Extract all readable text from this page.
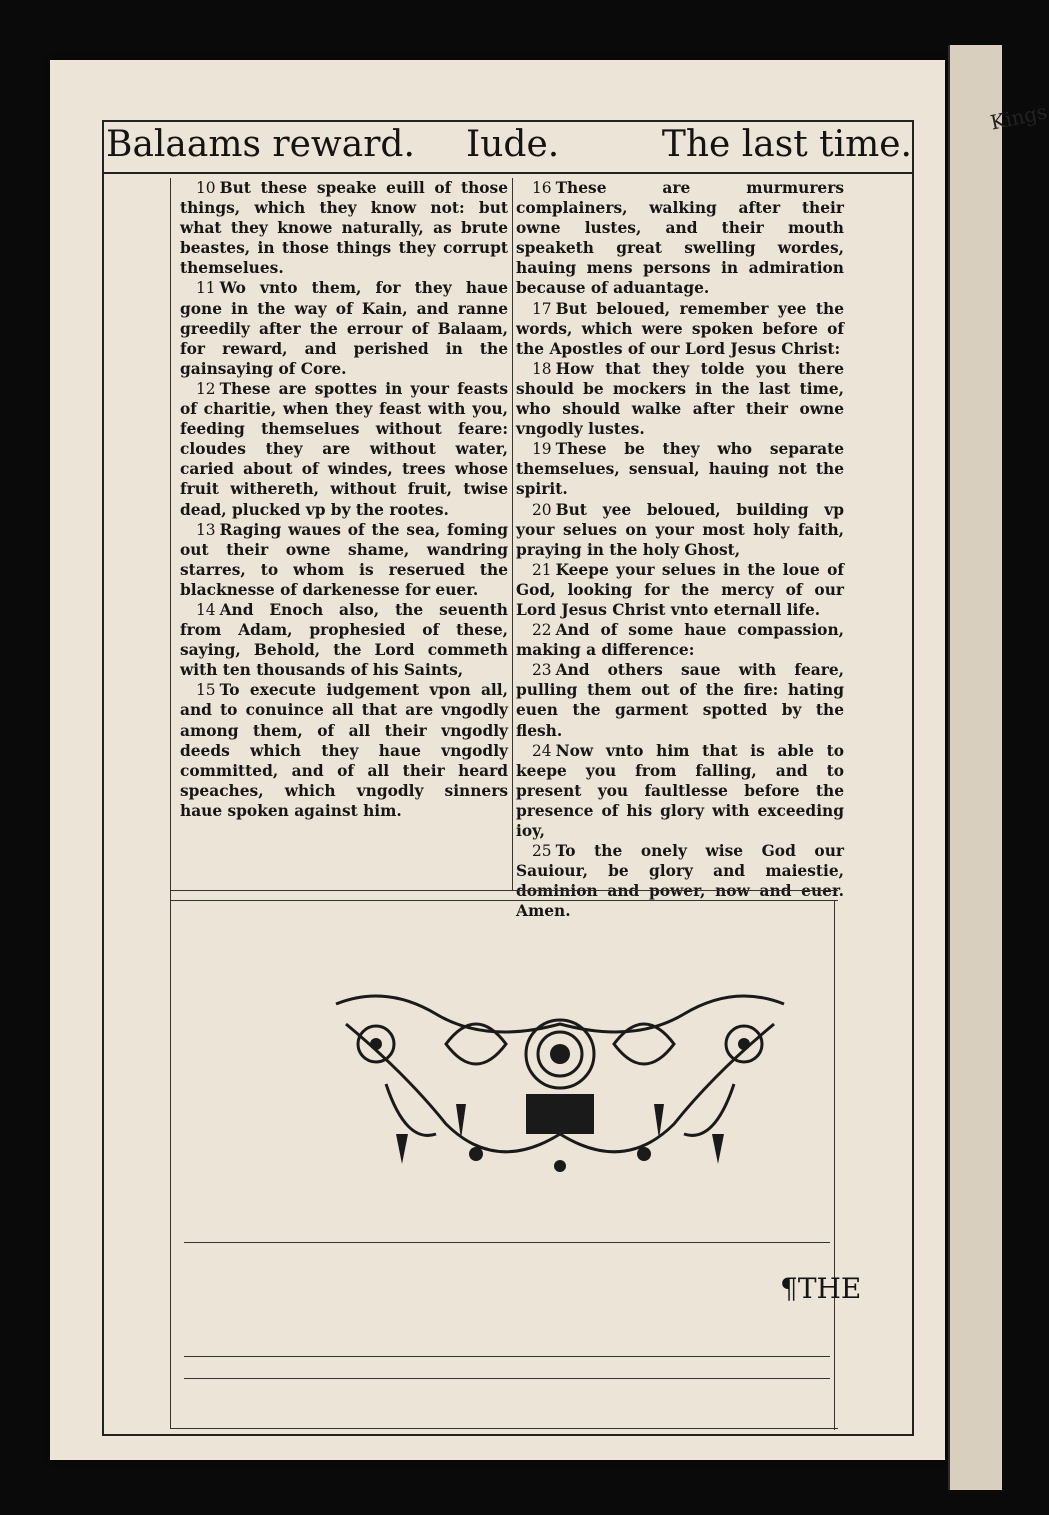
Balaams reward. Iude.	The last time.

10 But these speake euill of those things, which they know not: but what they knowe naturally, as brute beastes, in those things they corrupt themselues.

11 Wo vnto them, for they haue gone in the way of Kain, and ranne greedily after the errour of Balaam, for reward, and perished in the gainsaying of Core.

12 These are spottes in your feasts of charitie, when they feast with you, feeding themselues without feare: cloudes they are without water, caried about of windes, trees whose fruit withereth, without fruit, twise dead, plucked vp by the rootes.

13 Raging waues of the sea, foming out their owne shame, wandring starres, to whom is reserued the blacknesse of darkenesse for euer.

14 And Enoch also, the seuenth from Adam, prophesied of these, saying, Behold, the Lord commeth with ten thousands of his Saints,

15 To execute iudgement vpon all, and to conuince all that are vngodly among them, of all their vngodly deeds which they haue vngodly committed, and of all their heard speaches, which vngodly sinners haue spoken against him.

16 These are murmurers complainers, walking after their owne lustes, and their mouth speaketh great swelling wordes, hauing mens persons in admiration because of aduantage.

17 But beloued, remember yee the words, which were spoken before of the Apostles of our Lord Jesus Christ:

18 How that they tolde you there should be mockers in the last time, who should walke after their owne vngodly lustes.

19 These be they who separate themselues, sensual, hauing not the spirit.

20 But yee beloued, building vp your selues on your most holy faith, praying in the holy Ghost,

21 Keepe your selues in the loue of God, looking for the mercy of our Lord Jesus Christ vnto eternall life.

22 And of some haue compassion, making a difference:

23 And others saue with feare, pulling them out of the fire: hating euen the garment spotted by the flesh.

24 Now vnto him that is able to keepe you from falling, and to present you faultlesse before the presence of his glory with exceeding ioy,

25 To the onely wise God our Sauiour, be glory and maiestie, dominion and power, now and euer. Amen.

¶THE
Kings
